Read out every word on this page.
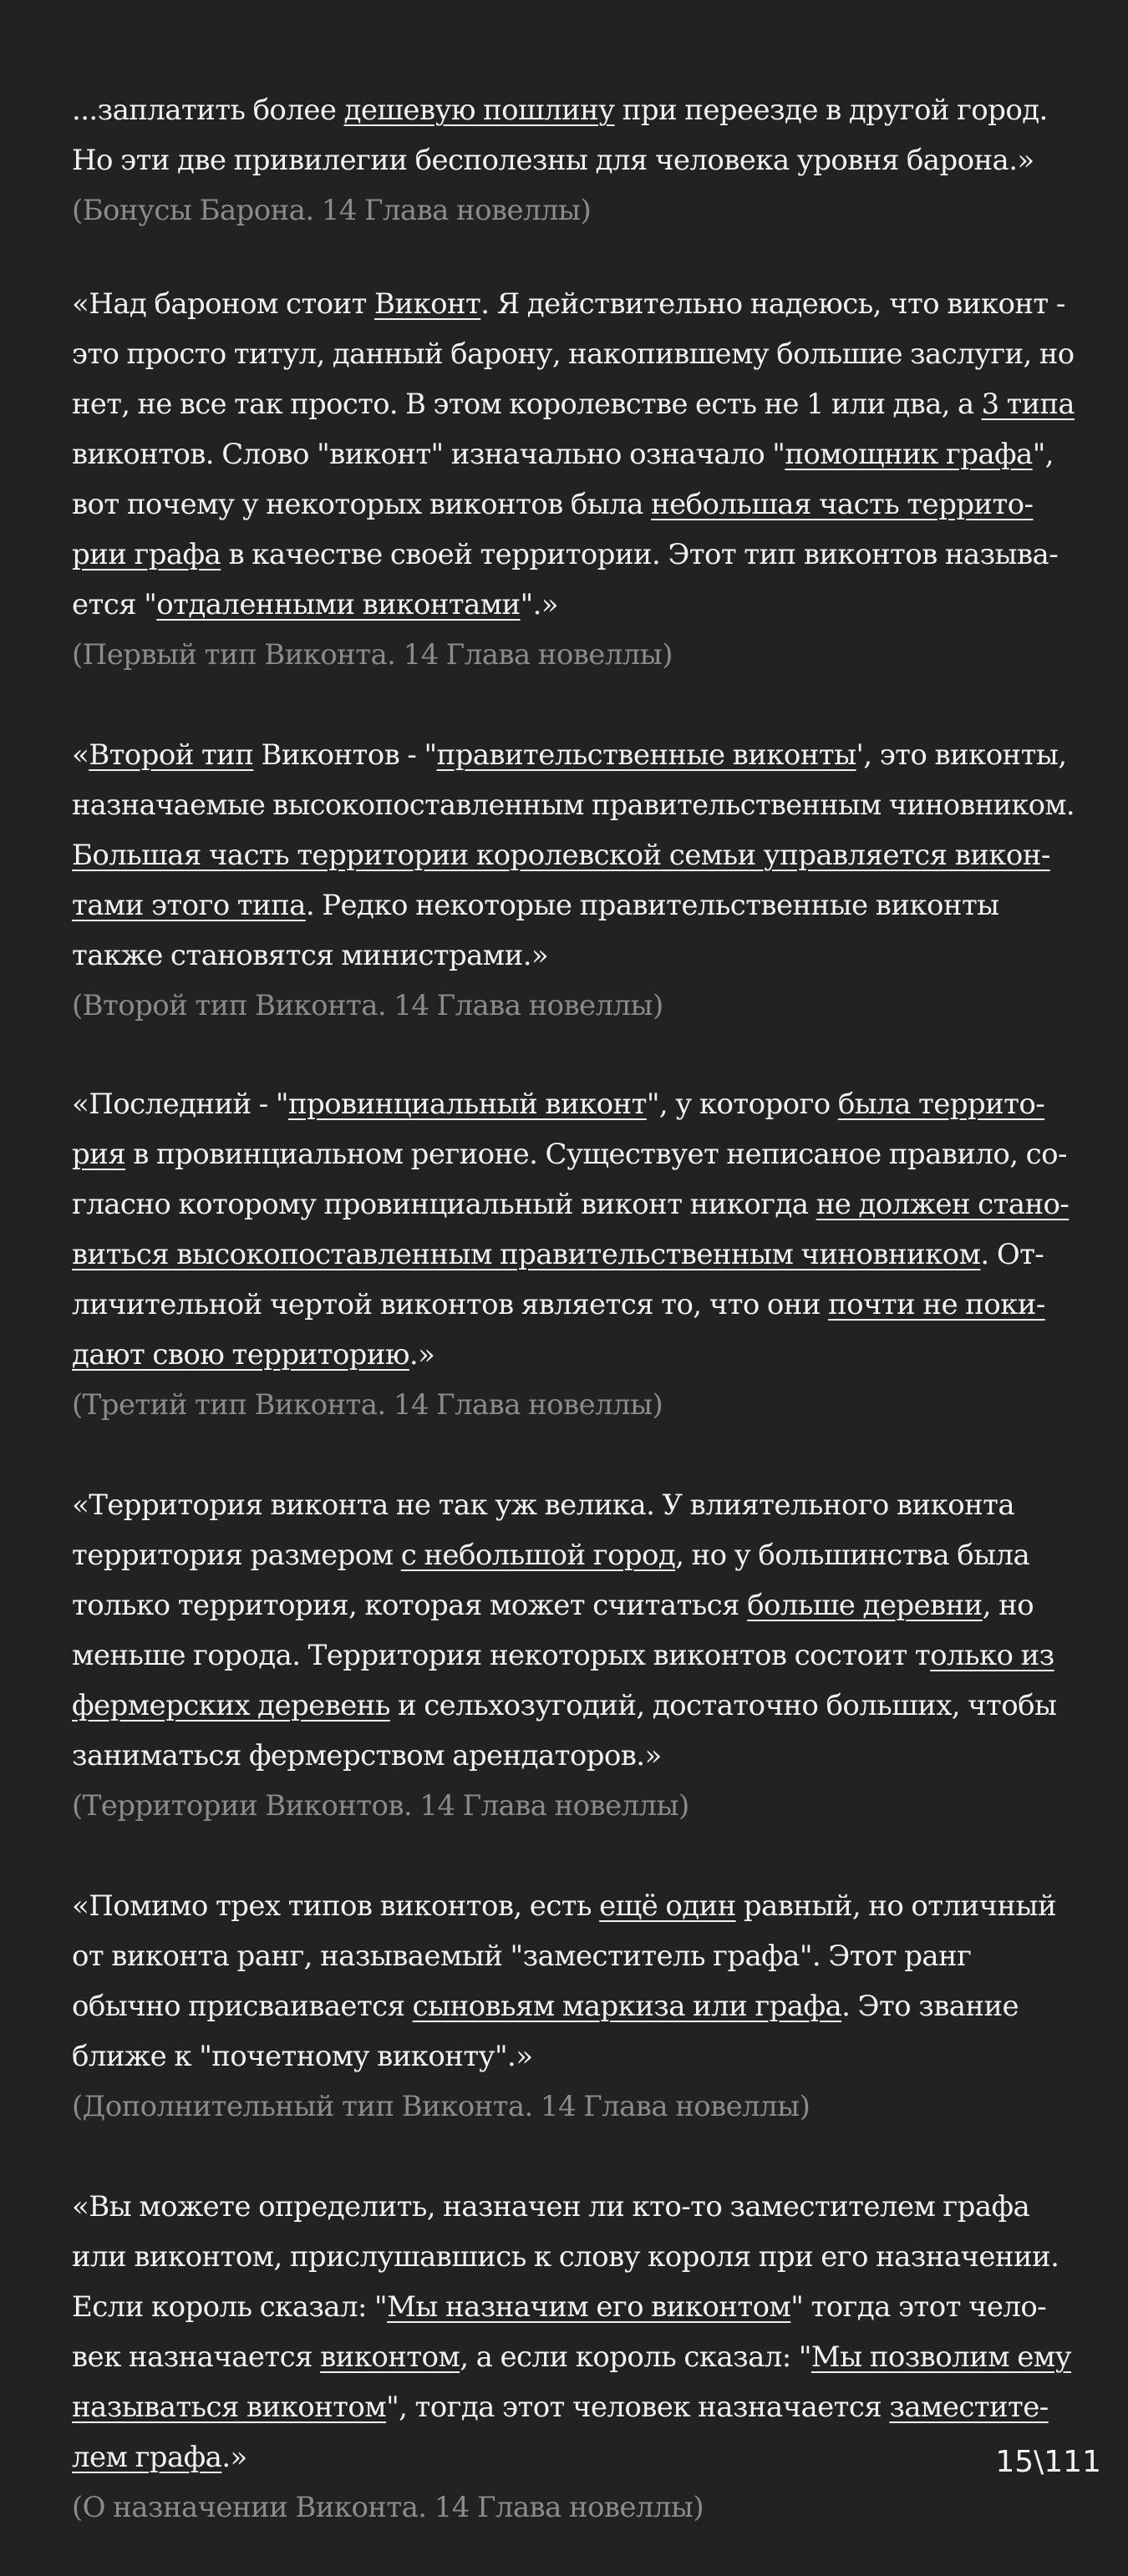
...заплатить более дешевую пошлину при переезде в другой город.
Но эти две привилегии бесполезны для человека уровня барона.»
(Бонусы Барона. 14 Глава новеллы)
«Над бароном стоит Виконт. Я действительно надеюсь, что виконт -
это просто титул, данный барону, накопившему большие заслуги, но
нет, не все так просто. В этом королевстве есть не 1 или два, а 3 типа
виконтов. Слово "виконт" изначально означало "помощник графа",
вот почему у некоторых виконтов была небольшая часть террито-
рии графа в качестве своей территории. Этот тип виконтов называ-
ется "отдаленными виконтами".»
(Первый тип Виконта. 14 Глава новеллы)
«Второй тип Виконтов - "правительственные виконты', это виконты,
назначаемые высокопоставленным правительственным чиновником.
Большая часть территории королевской семьи управляется викон-
тами этого типа. Редко некоторые правительственные виконты
также становятся министрами.»
(Второй тип Виконта. 14 Глава новеллы)
«Последний - "провинциальный виконт", у которого была террито-
рия в провинциальном регионе. Существует неписаное правило, со-
гласно которому провинциальный виконт никогда не должен стано-
виться высокопоставленным правительственным чиновником. От-
личительной чертой виконтов является то, что они почти не поки-
дают свою территорию.»
(Третий тип Виконта. 14 Глава новеллы)
«Территория виконта не так уж велика. У влиятельного виконта
территория размером с небольшой город, но у большинства была
только территория, которая может считаться больше деревни, но
меньше города. Территория некоторых виконтов состоит только из
фермерских деревень и сельхозугодий, достаточно больших, чтобы
заниматься фермерством арендаторов.»
(Территории Виконтов. 14 Глава новеллы)
«Помимо трех типов виконтов, есть ещё один равный, но отличный
от виконта ранг, называемый "заместитель графа". Этот ранг
обычно присваивается сыновьям маркиза или графа. Это звание
ближе к "почетному виконту".»
(Дополнительный тип Виконта. 14 Глава новеллы)
«Вы можете определить, назначен ли кто-то заместителем графа
или виконтом, прислушавшись к слову короля при его назначении.
Если король сказал: "Мы назначим его виконтом" тогда этот чело-
век назначается виконтом, а если король сказал: "Мы позволим ему
называться виконтом", тогда этот человек назначается заместите-
лем графа.»
(О назначении Виконта. 14 Глава новеллы)
15\111
